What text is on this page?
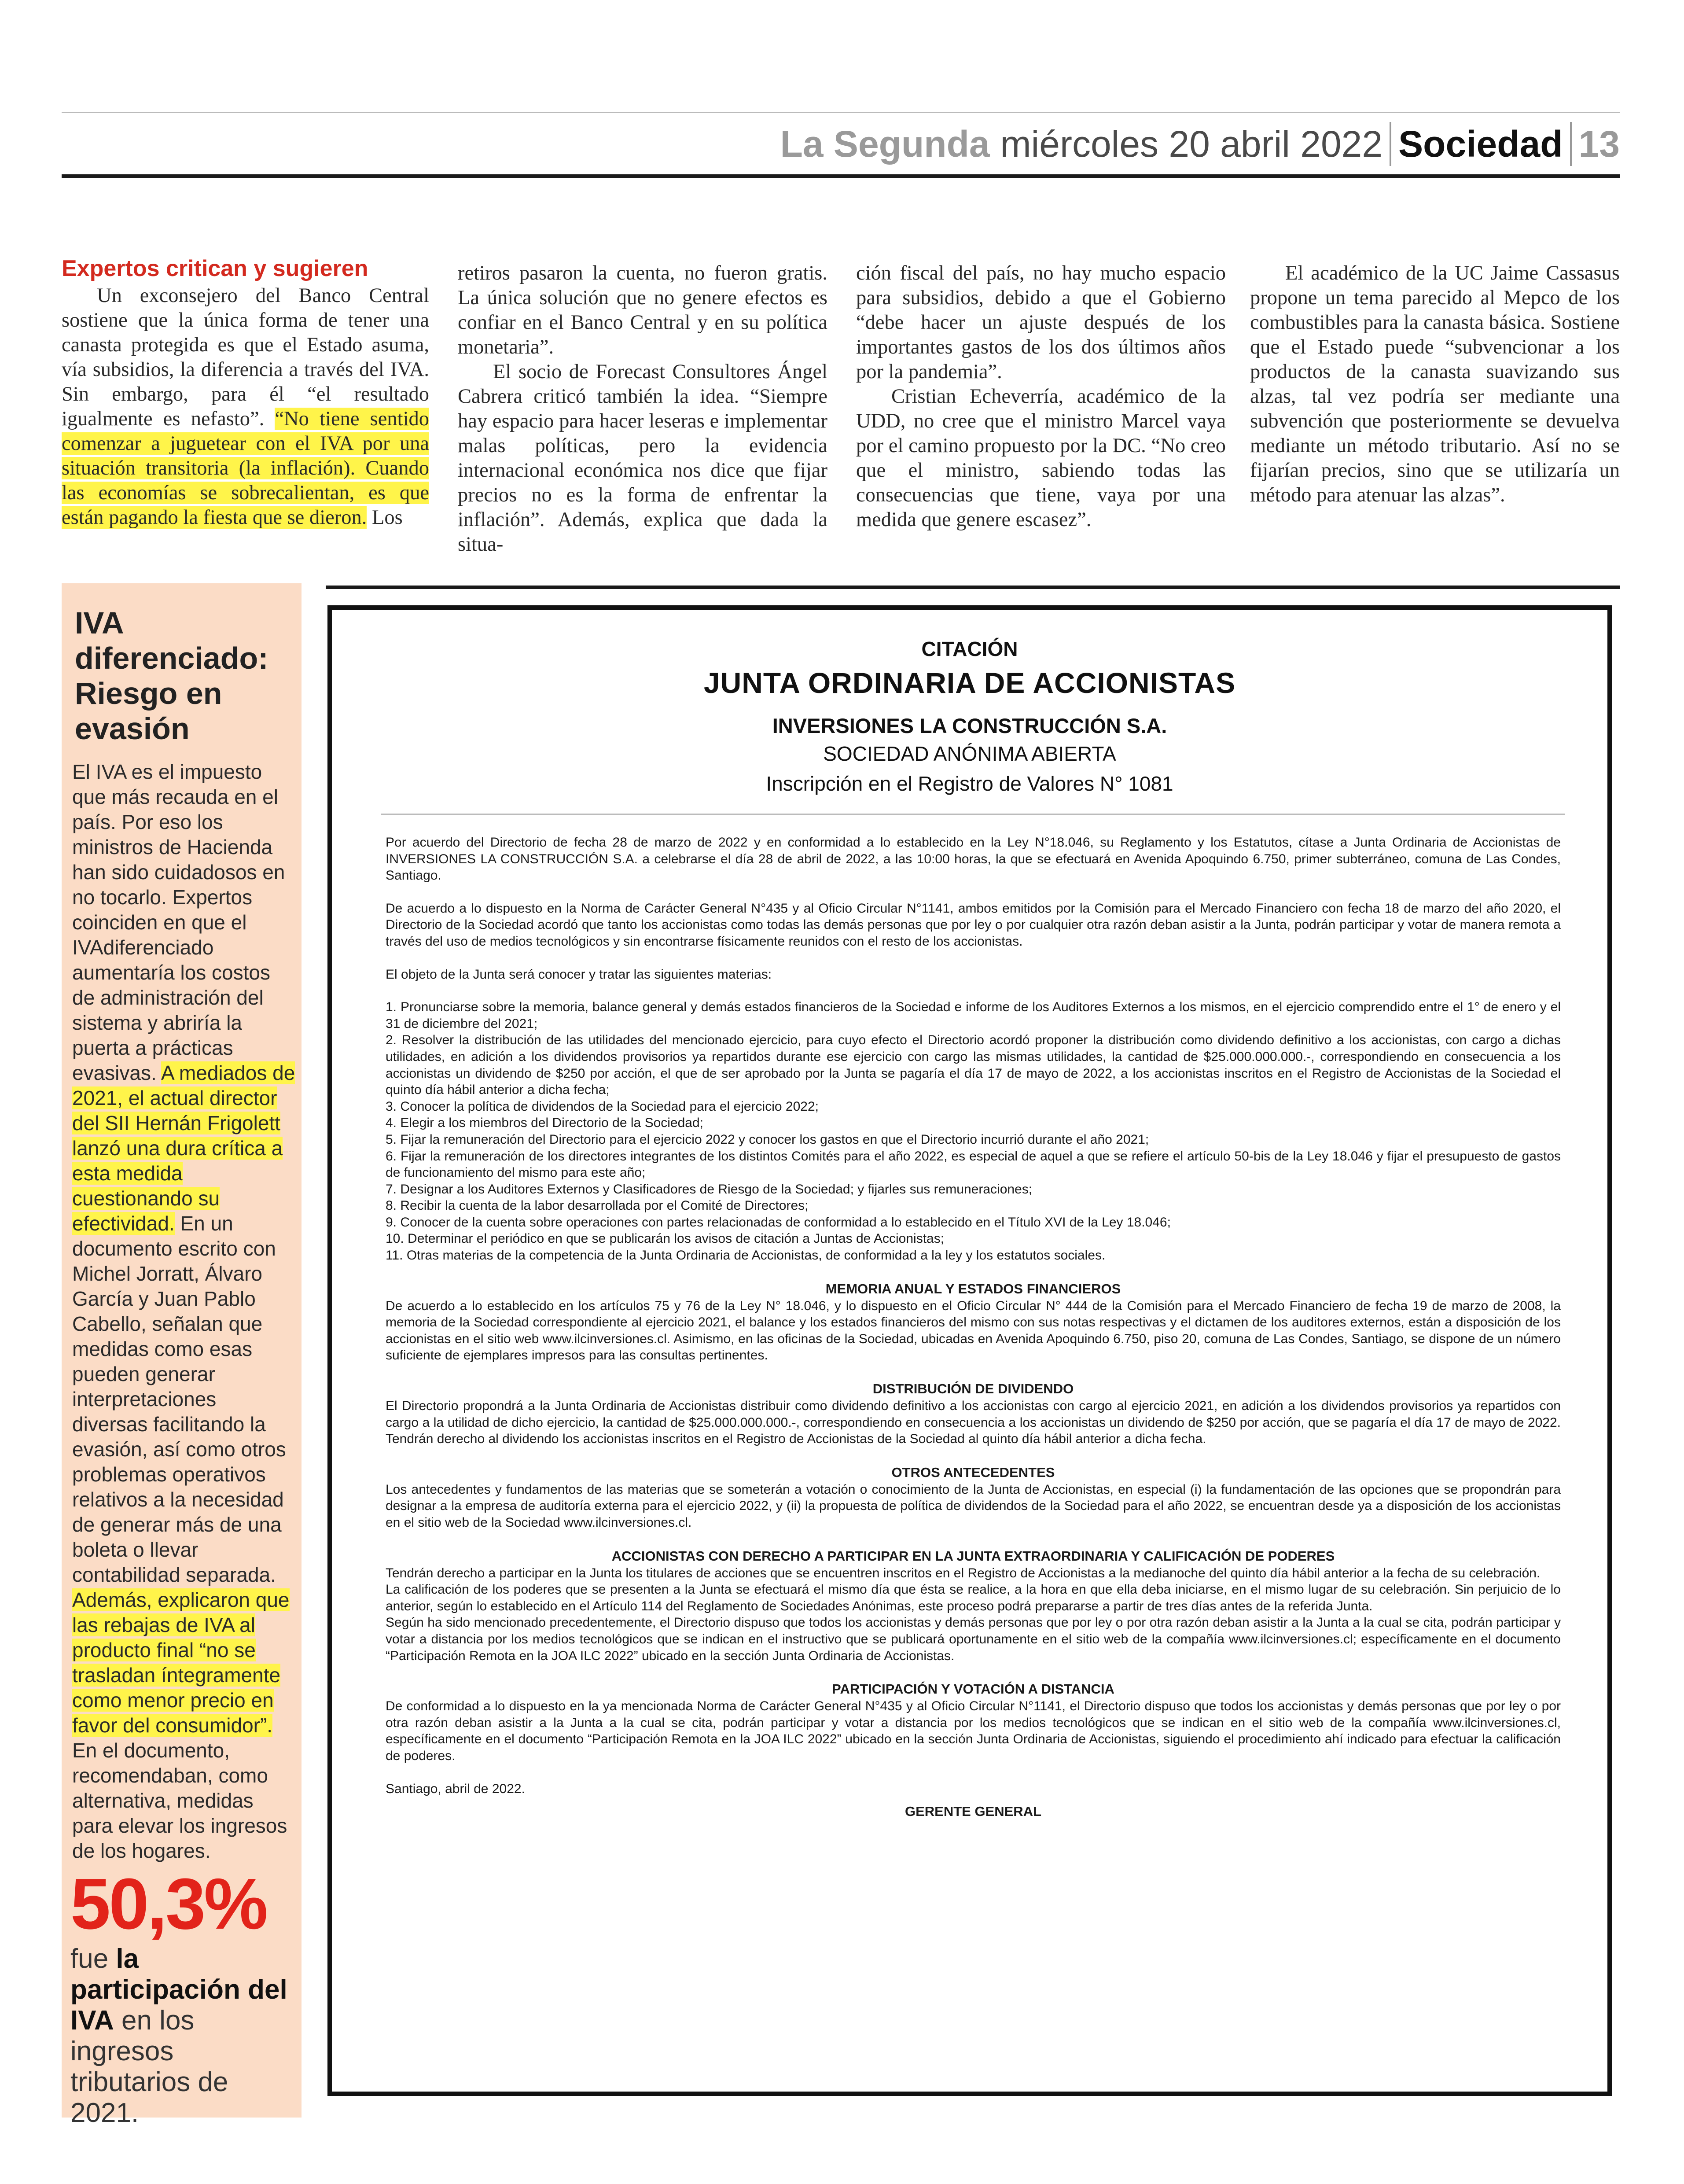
La Segunda miércoles 20 abril 2022 Sociedad 13
Expertos critican y sugieren

Un exconsejero del Banco Central sostiene que la única forma de tener una canasta protegida es que el Estado asuma, vía subsidios, la diferencia a través del IVA. Sin embargo, para él “el resultado igualmente es nefasto”. “No tiene sentido comenzar a juguetear con el IVA por una situación transitoria (la inflación). Cuando las economías se sobrecalientan, es que están pagando la fiesta que se dieron. Los

retiros pasaron la cuenta, no fueron gratis. La única solución que no genere efectos es confiar en el Banco Central y en su política monetaria”.

El socio de Forecast Consultores Ángel Cabrera criticó también la idea. “Siempre hay espacio para hacer leseras e implementar malas políticas, pero la evidencia internacional económica nos dice que fijar precios no es la forma de enfrentar la inflación”. Además, explica que dada la situa-

ción fiscal del país, no hay mucho espacio para subsidios, debido a que el Gobierno “debe hacer un ajuste después de los importantes gastos de los dos últimos años por la pandemia”.

Cristian Echeverría, académico de la UDD, no cree que el ministro Marcel vaya por el camino propuesto por la DC. “No creo que el ministro, sabiendo todas las consecuencias que tiene, vaya por una medida que genere escasez”.

El académico de la UC Jaime Cassasus propone un tema parecido al Mepco de los combustibles para la canasta básica. Sostiene que el Estado puede “subvencionar a los productos de la canasta suavizando sus alzas, tal vez podría ser mediante una subvención que posteriormente se devuelva mediante un método tributario. Así no se fijarían precios, sino que se utilizaría un método para atenuar las alzas”.

IVA diferenciado: Riesgo en evasión
El IVA es el impuesto que más recauda en el país. Por eso los ministros de Hacienda han sido cuidadosos en no tocarlo. Expertos coinciden en que el IVAdiferenciado aumentaría los costos de administración del sistema y abriría la puerta a prácticas evasivas. A mediados de 2021, el actual director del SII Hernán Frigolett lanzó una dura crítica a esta medida cuestionando su efectividad. En un documento escrito con Michel Jorratt, Álvaro García y Juan Pablo Cabello, señalan que medidas como esas pueden generar interpretaciones diversas facilitando la evasión, así como otros problemas operativos relativos a la necesidad de generar más de una boleta o llevar contabilidad separada. Además, explicaron que las rebajas de IVA al producto final “no se trasladan íntegramente como menor precio en favor del consumidor”. En el documento, recomendaban, como alternativa, medidas para elevar los ingresos de los hogares.
50,3%
fue la participación del IVA en los ingresos tributarios de 2021.
CITACIÓN
JUNTA ORDINARIA DE ACCIONISTAS
INVERSIONES LA CONSTRUCCIÓN S.A.
SOCIEDAD ANÓNIMA ABIERTA
Inscripción en el Registro de Valores N° 1081

Por acuerdo del Directorio de fecha 28 de marzo de 2022 y en conformidad a lo establecido en la Ley N°18.046, su Reglamento y los Estatutos, cítase a Junta Ordinaria de Accionistas de INVERSIONES LA CONSTRUCCIÓN S.A. a celebrarse el día 28 de abril de 2022, a las 10:00 horas, la que se efectuará en Avenida Apoquindo 6.750, primer subterráneo, comuna de Las Condes, Santiago.

De acuerdo a lo dispuesto en la Norma de Carácter General N°435 y al Oficio Circular N°1141, ambos emitidos por la Comisión para el Mercado Financiero con fecha 18 de marzo del año 2020, el Directorio de la Sociedad acordó que tanto los accionistas como todas las demás personas que por ley o por cualquier otra razón deban asistir a la Junta, podrán participar y votar de manera remota a través del uso de medios tecnológicos y sin encontrarse físicamente reunidos con el resto de los accionistas.

El objeto de la Junta será conocer y tratar las siguientes materias:

1. Pronunciarse sobre la memoria, balance general y demás estados financieros de la Sociedad e informe de los Auditores Externos a los mismos, en el ejercicio comprendido entre el 1° de enero y el 31 de diciembre del 2021;

2. Resolver la distribución de las utilidades del mencionado ejercicio, para cuyo efecto el Directorio acordó proponer la distribución como dividendo definitivo a los accionistas, con cargo a dichas utilidades, en adición a los dividendos provisorios ya repartidos durante ese ejercicio con cargo las mismas utilidades, la cantidad de $25.000.000.000.-, correspondiendo en consecuencia a los accionistas un dividendo de $250 por acción, el que de ser aprobado por la Junta se pagaría el día 17 de mayo de 2022, a los accionistas inscritos en el Registro de Accionistas de la Sociedad el quinto día hábil anterior a dicha fecha;

3. Conocer la política de dividendos de la Sociedad para el ejercicio 2022;

4. Elegir a los miembros del Directorio de la Sociedad;

5. Fijar la remuneración del Directorio para el ejercicio 2022 y conocer los gastos en que el Directorio incurrió durante el año 2021;

6. Fijar la remuneración de los directores integrantes de los distintos Comités para el año 2022, es especial de aquel a que se refiere el artículo 50-bis de la Ley 18.046 y fijar el presupuesto de gastos de funcionamiento del mismo para este año;

7. Designar a los Auditores Externos y Clasificadores de Riesgo de la Sociedad; y fijarles sus remuneraciones;

8. Recibir la cuenta de la labor desarrollada por el Comité de Directores;

9. Conocer de la cuenta sobre operaciones con partes relacionadas de conformidad a lo establecido en el Título XVI de la Ley 18.046;

10. Determinar el periódico en que se publicarán los avisos de citación a Juntas de Accionistas;

11. Otras materias de la competencia de la Junta Ordinaria de Accionistas, de conformidad a la ley y los estatutos sociales.

MEMORIA ANUAL Y ESTADOS FINANCIEROS

De acuerdo a lo establecido en los artículos 75 y 76 de la Ley N° 18.046, y lo dispuesto en el Oficio Circular N° 444 de la Comisión para el Mercado Financiero de fecha 19 de marzo de 2008, la memoria de la Sociedad correspondiente al ejercicio 2021, el balance y los estados financieros del mismo con sus notas respectivas y el dictamen de los auditores externos, están a disposición de los accionistas en el sitio web www.ilcinversiones.cl. Asimismo, en las oficinas de la Sociedad, ubicadas en Avenida Apoquindo 6.750, piso 20, comuna de Las Condes, Santiago, se dispone de un número suficiente de ejemplares impresos para las consultas pertinentes.

DISTRIBUCIÓN DE DIVIDENDO

El Directorio propondrá a la Junta Ordinaria de Accionistas distribuir como dividendo definitivo a los accionistas con cargo al ejercicio 2021, en adición a los dividendos provisorios ya repartidos con cargo a la utilidad de dicho ejercicio, la cantidad de $25.000.000.000.-, correspondiendo en consecuencia a los accionistas un dividendo de $250 por acción, que se pagaría el día 17 de mayo de 2022. Tendrán derecho al dividendo los accionistas inscritos en el Registro de Accionistas de la Sociedad al quinto día hábil anterior a dicha fecha.

OTROS ANTECEDENTES

Los antecedentes y fundamentos de las materias que se someterán a votación o conocimiento de la Junta de Accionistas, en especial (i) la fundamentación de las opciones que se propondrán para designar a la empresa de auditoría externa para el ejercicio 2022, y (ii) la propuesta de política de dividendos de la Sociedad para el año 2022, se encuentran desde ya a disposición de los accionistas en el sitio web de la Sociedad www.ilcinversiones.cl.

ACCIONISTAS CON DERECHO A PARTICIPAR EN LA JUNTA EXTRAORDINARIA Y CALIFICACIÓN DE PODERES

Tendrán derecho a participar en la Junta los titulares de acciones que se encuentren inscritos en el Registro de Accionistas a la medianoche del quinto día hábil anterior a la fecha de su celebración.

La calificación de los poderes que se presenten a la Junta se efectuará el mismo día que ésta se realice, a la hora en que ella deba iniciarse, en el mismo lugar de su celebración. Sin perjuicio de lo anterior, según lo establecido en el Artículo 114 del Reglamento de Sociedades Anónimas, este proceso podrá prepararse a partir de tres días antes de la referida Junta.

Según ha sido mencionado precedentemente, el Directorio dispuso que todos los accionistas y demás personas que por ley o por otra razón deban asistir a la Junta a la cual se cita, podrán participar y votar a distancia por los medios tecnológicos que se indican en el instructivo que se publicará oportunamente en el sitio web de la compañía www.ilcinversiones.cl; específicamente en el documento “Participación Remota en la JOA ILC 2022” ubicado en la sección Junta Ordinaria de Accionistas.

PARTICIPACIÓN Y VOTACIÓN A DISTANCIA

De conformidad a lo dispuesto en la ya mencionada Norma de Carácter General N°435 y al Oficio Circular N°1141, el Directorio dispuso que todos los accionistas y demás personas que por ley o por otra razón deban asistir a la Junta a la cual se cita, podrán participar y votar a distancia por los medios tecnológicos que se indican en el sitio web de la compañía www.ilcinversiones.cl, específicamente en el documento “Participación Remota en la JOA ILC 2022” ubicado en la sección Junta Ordinaria de Accionistas, siguiendo el procedimiento ahí indicado para efectuar la calificación de poderes.

Santiago, abril de 2022.

GERENTE GENERAL
